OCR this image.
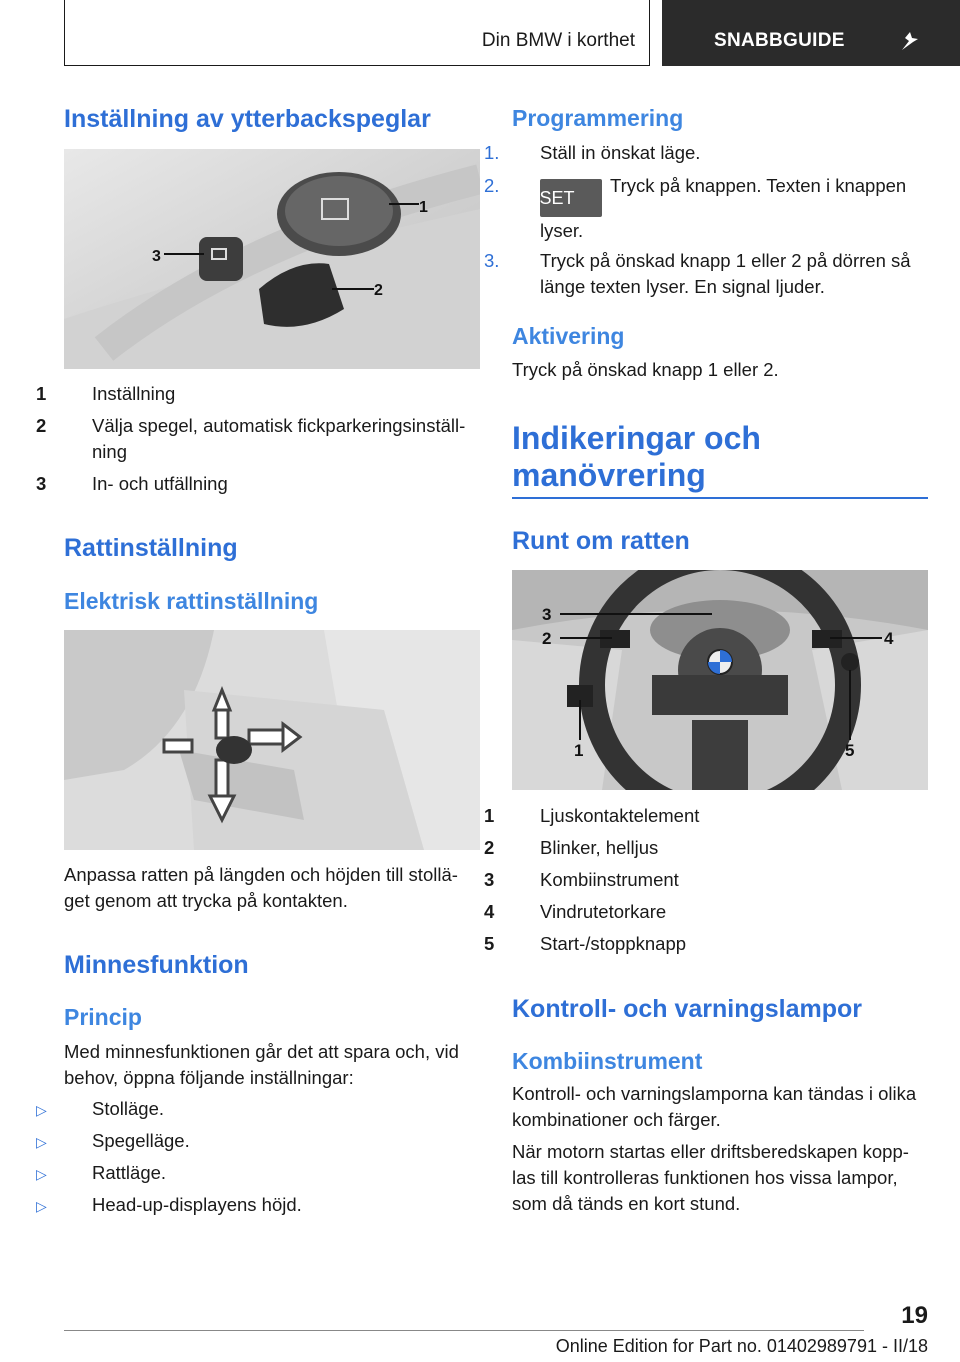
Din BMW i korthet	SNABBGUIDE
Inställning av ytterbackspeglar
1
2
3
1 Inställning
2 Välja spegel, automatisk fickparkeringsinställ-ning
3 In- och utfällning
Rattinställning
Elektrisk rattinställning
Anpassa ratten på längden och höjden till stollä-get genom att trycka på kontakten.
Minnesfunktion
Princip
Med minnesfunktionen går det att spara och, vid behov, öppna följande inställningar:
▷ Stolläge.
▷ Spegelläge.
▷ Rattläge.
▷ Head-up-displayens höjd.
Programmering
1. Ställ in önskat läge.
2.SETTryck på knappen. Texten i knappen lyser.
3. Tryck på önskad knapp 1 eller 2 på dörren så länge texten lyser. En signal ljuder.
Aktivering
Tryck på önskad knapp 1 eller 2.
Indikeringar och manövrering
Runt om ratten
3
2	4
1	5
1 Ljuskontaktelement
2 Blinker, helljus
3 Kombiinstrument
4 Vindrutetorkare
5 Start-/stoppknapp
Kontroll- och varningslampor
Kombiinstrument
Kontroll- och varningslamporna kan tändas i olika kombinationer och färger.
När motorn startas eller driftsberedskapen kopp-las till kontrolleras funktionen hos vissa lampor, som då tänds en kort stund.
19
Online Edition for Part no. 01402989791 - II/18
